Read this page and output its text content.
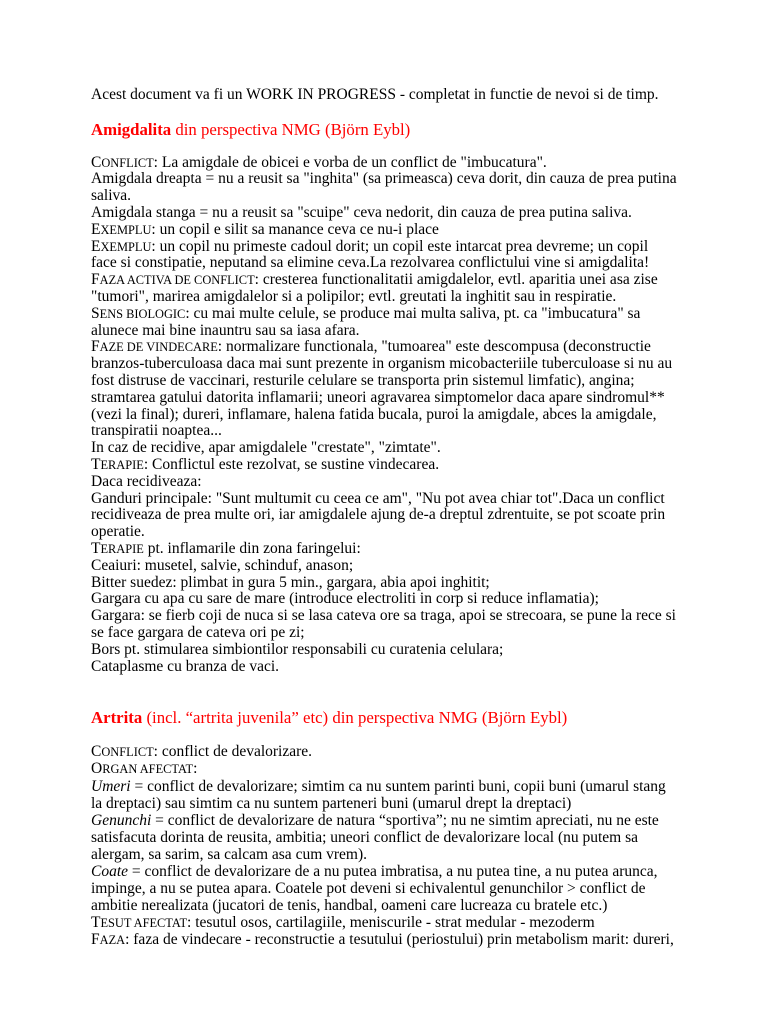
Acest document va fi un WORK IN PROGRESS - completat in functie de nevoi si de timp.
Amigdalita din perspectiva NMG (Björn Eybl)
CONFLICT: La amigdale de obicei e vorba de un conflict de "imbucatura".
Amigdala dreapta = nu a reusit sa "inghita" (sa primeasca) ceva dorit, din cauza de prea putina
saliva.
Amigdala stanga = nu a reusit sa "scuipe" ceva nedorit, din cauza de prea putina saliva.
EXEMPLU: un copil e silit sa manance ceva ce nu-i place
EXEMPLU: un copil nu primeste cadoul dorit; un copil este intarcat prea devreme; un copil
face si constipatie, neputand sa elimine ceva.La rezolvarea conflictului vine si amigdalita!
FAZA ACTIVA DE CONFLICT: cresterea functionalitatii amigdalelor, evtl. aparitia unei asa zise
"tumori", marirea amigdalelor si a polipilor; evtl. greutati la inghitit sau in respiratie.
SENS BIOLOGIC: cu mai multe celule, se produce mai multa saliva, pt. ca "imbucatura" sa
alunece mai bine inauntru sau sa iasa afara.
FAZE DE VINDECARE: normalizare functionala, "tumoarea" este descompusa (deconstructie
branzos-tuberculoasa daca mai sunt prezente in organism micobacteriile tuberculoase si nu au
fost distruse de vaccinari, resturile celulare se transporta prin sistemul limfatic), angina;
stramtarea gatului datorita inflamarii; uneori agravarea simptomelor daca apare sindromul**
(vezi la final); dureri, inflamare, halena fatida bucala, puroi la amigdale, abces la amigdale,
transpiratii noaptea...
In caz de recidive, apar amigdalele "crestate", "zimtate".
TERAPIE: Conflictul este rezolvat, se sustine vindecarea.
Daca recidiveaza:
Ganduri principale: "Sunt multumit cu ceea ce am", "Nu pot avea chiar tot".Daca un conflict
recidiveaza de prea multe ori, iar amigdalele ajung de-a dreptul zdrentuite, se pot scoate prin
operatie.
TERAPIE pt. inflamarile din zona faringelui:
Ceaiuri: musetel, salvie, schinduf, anason;
Bitter suedez: plimbat in gura 5 min., gargara, abia apoi inghitit;
Gargara cu apa cu sare de mare (introduce electroliti in corp si reduce inflamatia);
Gargara: se fierb coji de nuca si se lasa cateva ore sa traga, apoi se strecoara, se pune la rece si
se face gargara de cateva ori pe zi;
Bors pt. stimularea simbiontilor responsabili cu curatenia celulara;
Cataplasme cu branza de vaci.
Artrita (incl. “artrita juvenila” etc) din perspectiva NMG (Björn Eybl)
CONFLICT: conflict de devalorizare.
ORGAN AFECTAT:
Umeri = conflict de devalorizare; simtim ca nu suntem parinti buni, copii buni (umarul stang
la dreptaci) sau simtim ca nu suntem parteneri buni (umarul drept la dreptaci)
Genunchi = conflict de devalorizare de natura “sportiva”; nu ne simtim apreciati, nu ne este
satisfacuta dorinta de reusita, ambitia; uneori conflict de devalorizare local (nu putem sa
alergam, sa sarim, sa calcam asa cum vrem).
Coate = conflict de devalorizare de a nu putea imbratisa, a nu putea tine, a nu putea arunca,
impinge, a nu se putea apara. Coatele pot deveni si echivalentul genunchilor > conflict de
ambitie nerealizata (jucatori de tenis, handbal, oameni care lucreaza cu bratele etc.)
TESUT AFECTAT: tesutul osos, cartilagiile, meniscurile - strat medular - mezoderm
FAZA: faza de vindecare - reconstructie a tesutului (periostului) prin metabolism marit: dureri,
